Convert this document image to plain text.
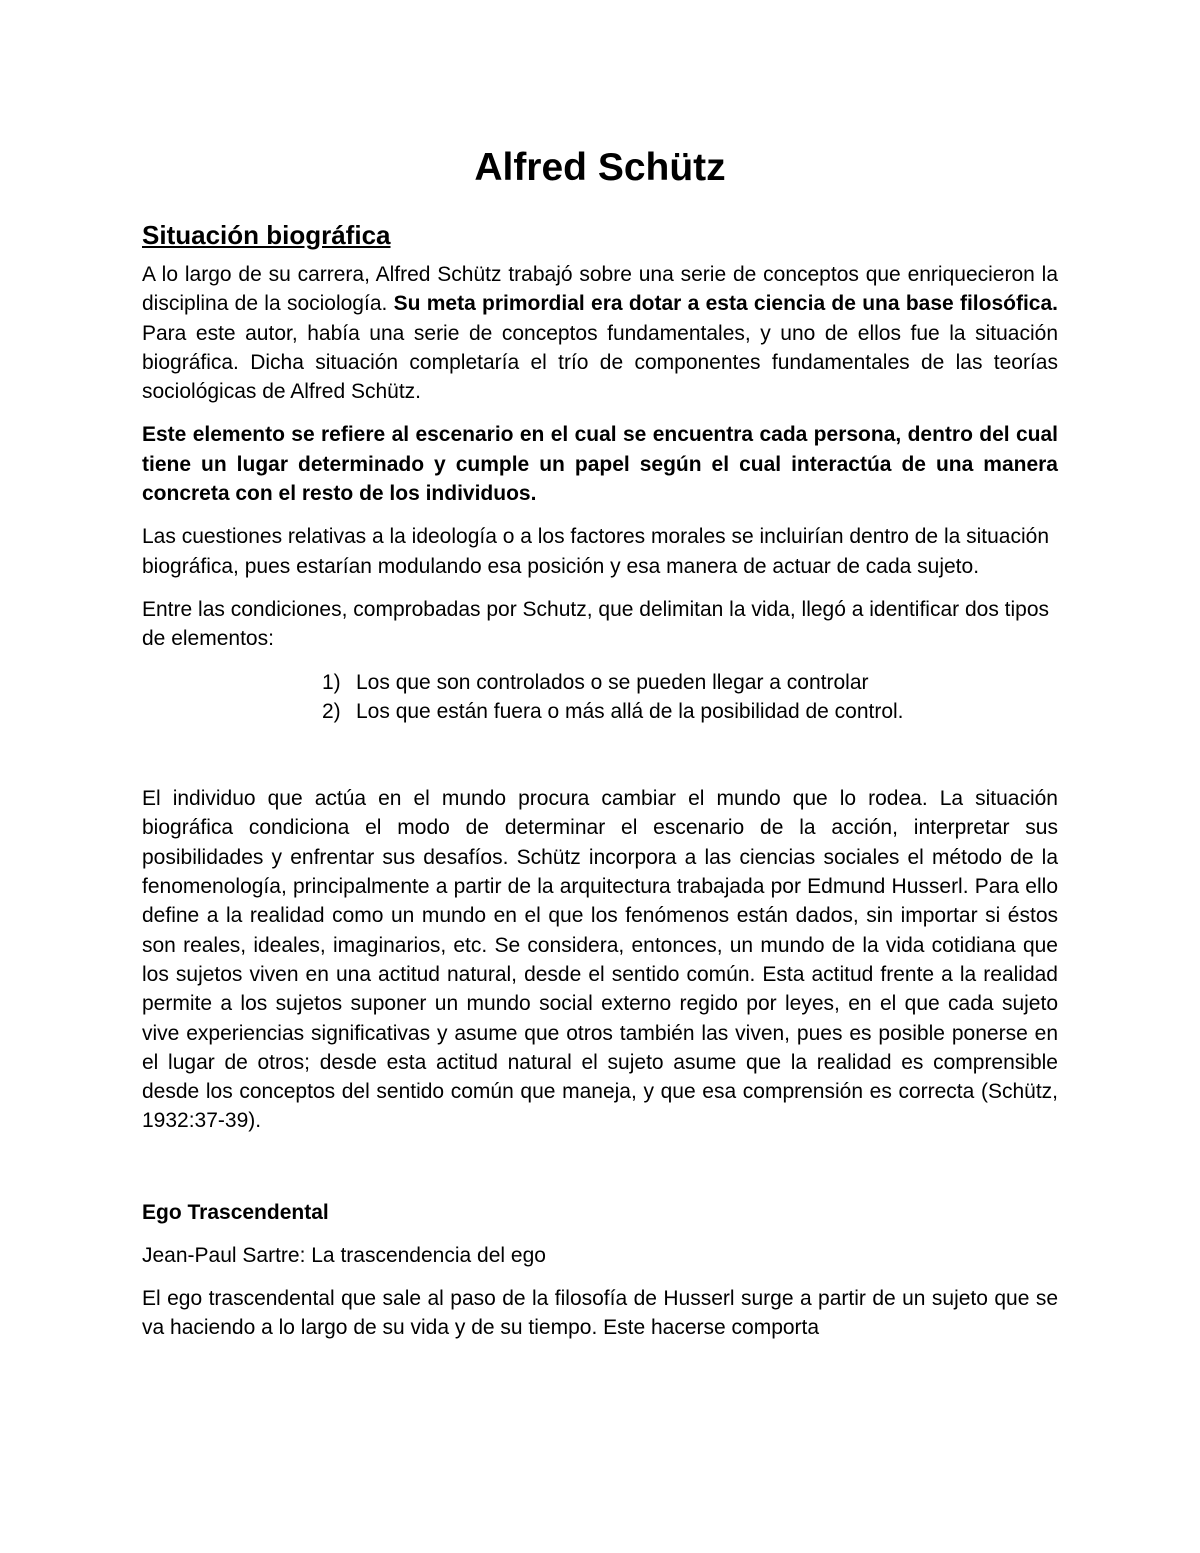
Alfred Schütz
Situación biográfica

A lo largo de su carrera, Alfred Schütz trabajó sobre una serie de conceptos que enriquecieron la disciplina de la sociología. Su meta primordial era dotar a esta ciencia de una base filosófica. Para este autor, había una serie de conceptos fundamentales, y uno de ellos fue la situación biográfica. Dicha situación completaría el trío de componentes fundamentales de las teorías sociológicas de Alfred Schütz.

Este elemento se refiere al escenario en el cual se encuentra cada persona, dentro del cual tiene un lugar determinado y cumple un papel según el cual interactúa de una manera concreta con el resto de los individuos.

Las cuestiones relativas a la ideología o a los factores morales se incluirían dentro de la situación biográfica, pues estarían modulando esa posición y esa manera de actuar de cada sujeto.

Entre las condiciones, comprobadas por Schutz, que delimitan la vida, llegó a identificar dos tipos de elementos:

1) Los que son controlados o se pueden llegar a controlar
2) Los que están fuera o más allá de la posibilidad de control.

El individuo que actúa en el mundo procura cambiar el mundo que lo rodea. La situación biográfica condiciona el modo de determinar el escenario de la acción, interpretar sus posibilidades y enfrentar sus desafíos. Schütz incorpora a las ciencias sociales el método de la fenomenología, principalmente a partir de la arquitectura trabajada por Edmund Husserl. Para ello define a la realidad como un mundo en el que los fenómenos están dados, sin importar si éstos son reales, ideales, imaginarios, etc. Se considera, entonces, un mundo de la vida cotidiana que los sujetos viven en una actitud natural, desde el sentido común. Esta actitud frente a la realidad permite a los sujetos suponer un mundo social externo regido por leyes, en el que cada sujeto vive experiencias significativas y asume que otros también las viven, pues es posible ponerse en el lugar de otros; desde esta actitud natural el sujeto asume que la realidad es comprensible desde los conceptos del sentido común que maneja, y que esa comprensión es correcta (Schütz, 1932:37-39).

Ego Trascendental

Jean-Paul Sartre: La trascendencia del ego

El ego trascendental que sale al paso de la filosofía de Husserl surge a partir de un sujeto que se va haciendo a lo largo de su vida y de su tiempo. Este hacerse comporta
